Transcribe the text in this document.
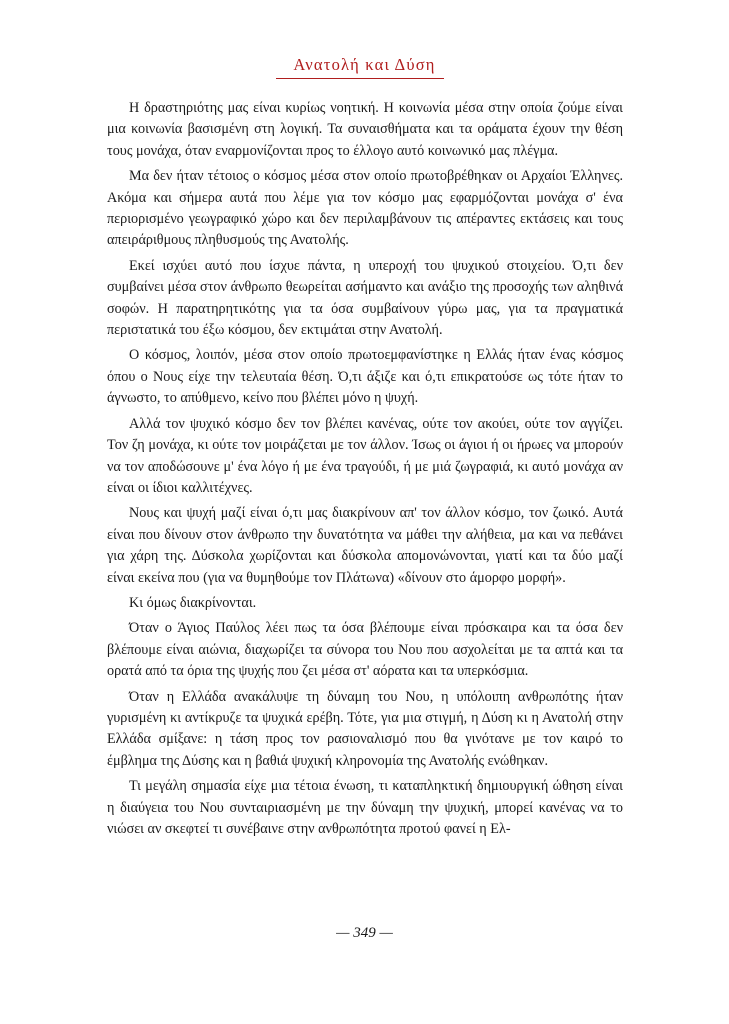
Ανατολή και Δύση

Η δραστηριότης μας είναι κυρίως νοητική. Η κοινωνία μέσα στην οποία ζούμε είναι μια κοινωνία βασισμένη στη λογική. Τα συναισθήματα και τα οράματα έχουν την θέση τους μονάχα, όταν εναρμονίζονται προς το έλλογο αυτό κοινωνικό μας πλέγμα.

Μα δεν ήταν τέτοιος ο κόσμος μέσα στον οποίο πρωτοβρέθηκαν οι Αρχαίοι Έλληνες. Ακόμα και σήμερα αυτά που λέμε για τον κόσμο μας εφαρμόζονται μονάχα σ' ένα περιορισμένο γεωγραφικό χώρο και δεν περιλαμβάνουν τις απέραντες εκτάσεις και τους απειράριθμους πληθυσμούς της Ανατολής.

Εκεί ισχύει αυτό που ίσχυε πάντα, η υπεροχή του ψυχικού στοιχείου. Ό,τι δεν συμβαίνει μέσα στον άνθρωπο θεωρείται ασήμαντο και ανάξιο της προσοχής των αληθινά σοφών. Η παρατηρητικότης για τα όσα συμβαίνουν γύρω μας, για τα πραγματικά περιστατικά του έξω κόσμου, δεν εκτιμάται στην Ανατολή.

Ο κόσμος, λοιπόν, μέσα στον οποίο πρωτοεμφανίστηκε η Ελλάς ήταν ένας κόσμος όπου ο Νους είχε την τελευταία θέση. Ό,τι άξιζε και ό,τι επικρατούσε ως τότε ήταν το άγνωστο, το απύθμενο, κείνο που βλέπει μόνο η ψυχή.

Αλλά τον ψυχικό κόσμο δεν τον βλέπει κανένας, ούτε τον ακούει, ούτε τον αγγίζει. Τον ζη μονάχα, κι ούτε τον μοιράζεται με τον άλλον. Ίσως οι άγιοι ή οι ήρωες να μπορούν να τον αποδώσουνε μ' ένα λόγο ή με ένα τραγούδι, ή με μιά ζωγραφιά, κι αυτό μονάχα αν είναι οι ίδιοι καλλιτέχνες.

Νους και ψυχή μαζί είναι ό,τι μας διακρίνουν απ' τον άλλον κόσμο, τον ζωικό. Αυτά είναι που δίνουν στον άνθρωπο την δυνατότητα να μάθει την αλήθεια, μα και να πεθάνει για χάρη της. Δύσκολα χωρίζονται και δύσκολα απομονώνονται, γιατί και τα δύο μαζί είναι εκείνα που (για να θυμηθούμε τον Πλάτωνα) «δίνουν στο άμορφο μορφή».

Κι όμως διακρίνονται.

Όταν ο Άγιος Παύλος λέει πως τα όσα βλέπουμε είναι πρόσκαιρα και τα όσα δεν βλέπουμε είναι αιώνια, διαχωρίζει τα σύνορα του Νου που ασχολείται με τα απτά και τα ορατά από τα όρια της ψυχής που ζει μέσα στ' αόρατα και τα υπερκόσμια.

Όταν η Ελλάδα ανακάλυψε τη δύναμη του Νου, η υπόλοιπη ανθρωπότης ήταν γυρισμένη κι αντίκρυζε τα ψυχικά ερέβη. Τότε, για μια στιγμή, η Δύση κι η Ανατολή στην Ελλάδα σμίξανε: η τάση προς τον ρασιοναλισμό που θα γινότανε με τον καιρό το έμβλημα της Δύσης και η βαθιά ψυχική κληρονομία της Ανατολής ενώθηκαν.

Τι μεγάλη σημασία είχε μια τέτοια ένωση, τι καταπληκτική δημιουργική ώθηση είναι η διαύγεια του Νου συνταιριασμένη με την δύναμη την ψυχική, μπορεί κανένας να το νιώσει αν σκεφτεί τι συνέβαινε στην ανθρωπότητα προτού φανεί η Ελ-

— 349 —
